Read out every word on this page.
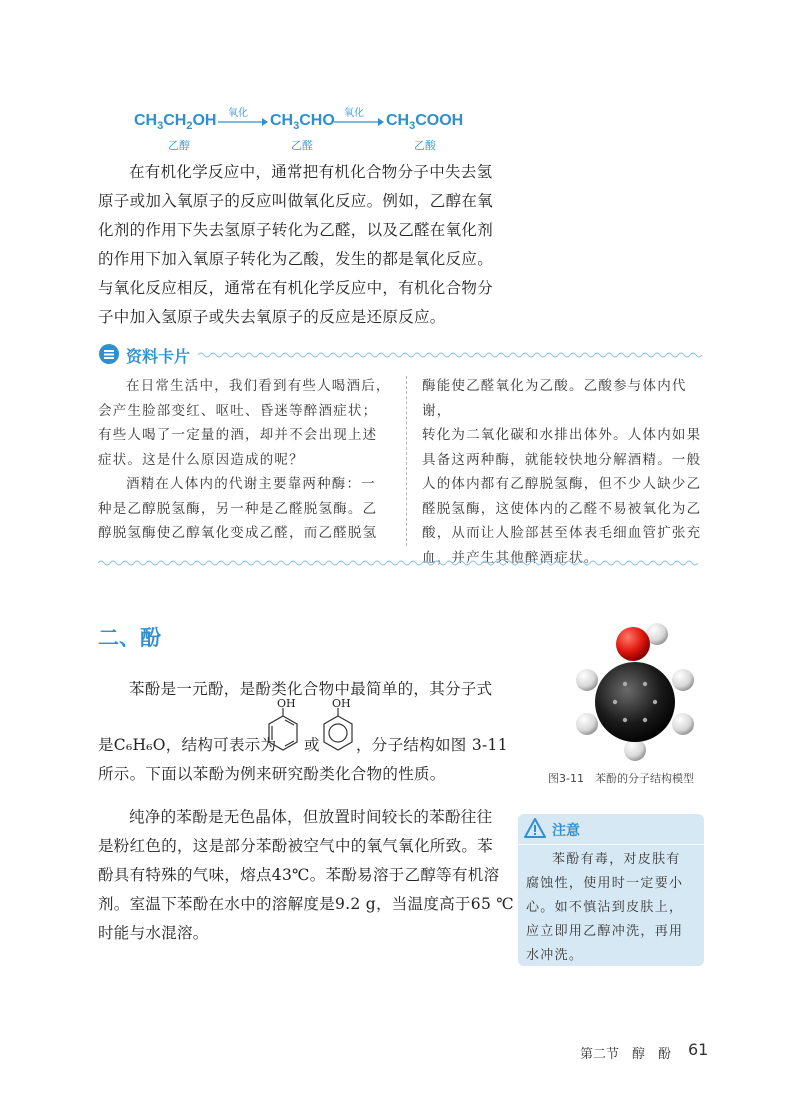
$CH_3CH_2OH$ 氧化 $CH_3CHO$ 氧化 $CH_3COOH$
乙醇	乙醛	乙酸
在有机化学反应中，通常把有机化合物分子中失去氢
原子或加入氧原子的反应叫做氧化反应。例如，乙醇在氧
化剂的作用下失去氢原子转化为乙醛，以及乙醛在氧化剂
的作用下加入氧原子转化为乙酸，发生的都是氧化反应。
与氧化反应相反，通常在有机化学反应中，有机化合物分
子中加入氢原子或失去氧原子的反应是还原反应。
资料卡片
在日常生活中，我们看到有些人喝酒后，
会产生脸部变红、呕吐、昏迷等醉酒症状；
有些人喝了一定量的酒，却并不会出现上述
症状。这是什么原因造成的呢？
酒精在人体内的代谢主要靠两种酶：一
种是乙醇脱氢酶，另一种是乙醛脱氢酶。乙
醇脱氢酶使乙醇氧化变成乙醛，而乙醛脱氢
酶能使乙醛氧化为乙酸。乙酸参与体内代谢，
转化为二氧化碳和水排出体外。人体内如果
具备这两种酶，就能较快地分解酒精。一般
人的体内都有乙醇脱氢酶，但不少人缺少乙
醛脱氢酶，这使体内的乙醛不易被氧化为乙
酸，从而让人脸部甚至体表毛细血管扩张充
血，并产生其他醉酒症状。
二、酚
苯酚是一元酚，是酚类化合物中最简单的，其分子式
是C₆H₆O，结构可表示为
OH
或
OH
，分子结构如图 3-11
所示。下面以苯酚为例来研究酚类化合物的性质。
纯净的苯酚是无色晶体，但放置时间较长的苯酚往往
是粉红色的，这是部分苯酚被空气中的氧气氧化所致。苯
酚具有特殊的气味，熔点43℃。苯酚易溶于乙醇等有机溶
剂。室温下苯酚在水中的溶解度是9.2 g，当温度高于65 ℃
时能与水混溶。
图3-11　苯酚的分子结构模型
注意
苯酚有毒，对皮肤有
腐蚀性，使用时一定要小
心。如不慎沾到皮肤上，
应立即用乙醇冲洗，再用
水冲洗。
第二节　醇　酚 61
